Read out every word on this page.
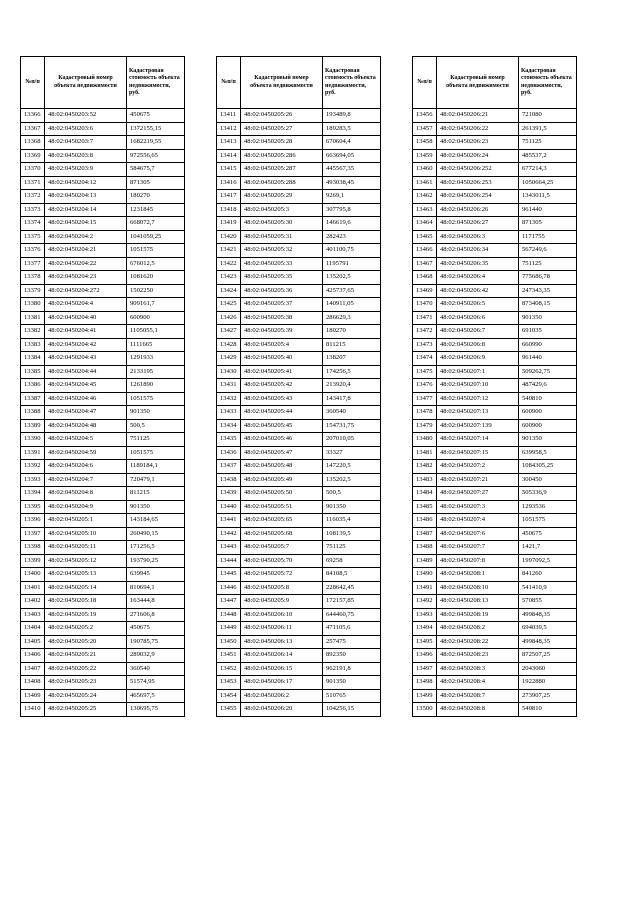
№п/п	Кадастровый номер объекта недвижимости	Кадастровая стоимость объекта недвижимости, руб.
13366	48:02:0450203:52	450675
13367	48:02:0450203:6	1372155,15
13368	48:02:0450203:7	1682219,55
13369	48:02:0450203:8	972556,65
13370	48:02:0450203:9	584675,7
13371	48:02:0450204:12	871305
13372	48:02:0450204:13	180270
13373	48:02:0450204:14	1231845
13374	48:02:0450204:15	668072,7
13375	48:02:0450204:2	1041059,25
13376	48:02:0450204:21	1051575
13377	48:02:0450204:22	676012,5
13378	48:02:0450204:23	1081620
13379	48:02:0450204:272	1502250
13380	48:02:0450204:4	909161,7
13381	48:02:0450204:40	600900
13382	48:02:0450204:41	1105055,1
13383	48:02:0450204:42	1111665
13384	48:02:0450204:43	1291933
13385	48:02:0450204:44	2133195
13386	48:02:0450204:45	1261890
13387	48:02:0450204:46	1051575
13388	48:02:0450204:47	901350
13389	48:02:0450204:48	500,5
13390	48:02:0450204:5	751125
13391	48:02:0450204:59	1051575
13392	48:02:0450204:6	1189184,1
13393	48:02:0450204:7	720479,1
13394	48:02:0450204:8	811215
13395	48:02:0450204:9	901350
13396	48:02:0450205:1	143184,65
13397	48:02:0450205:10	260490,15
13398	48:02:0450205:11	171256,5
13399	48:02:0450205:12	193790,25
13400	48:02:0450205:13	639945
13401	48:02:0450205:14	810694,1
13402	48:02:0450205:18	163444,8
13403	48:02:0450205:19	271606,8
13404	48:02:0450205:2	450675
13405	48:02:0450205:20	190785,75
13406	48:02:0450205:21	289032,9
13407	48:02:0450205:22	360540
13408	48:02:0450205:23	51574,95
13409	48:02:0450205:24	465697,5
13410	48:02:0450205:25	130695,75
№п/п	Кадастровый номер объекта недвижимости	Кадастровая стоимость объекта недвижимости, руб.
13411	48:02:0450205:26	193489,8
13412	48:02:0450205:27	189283,5
13413	48:02:0450205:28	670604,4
13414	48:02:0450205:286	663694,05
13415	48:02:0450205:287	445567,35
13416	48:02:0450205:288	493038,45
13417	48:02:0450205:29	9269,1
13418	48:02:0450205:3	307795,8
13419	48:02:0450205:30	146619,6
13420	48:02:0450205:31	282423
13421	48:02:0450205:32	401100,75
13422	48:02:0450205:33	1195791
13423	48:02:0450205:35	135202,5
13424	48:02:0450205:36	425737,65
13425	48:02:0450205:37	140911,05
13426	48:02:0450205:38	286629,3
13427	48:02:0450205:39	180270
13428	48:02:0450205:4	811215
13429	48:02:0450205:40	138207
13430	48:02:0450205:41	174256,5
13431	48:02:0450205:42	213920,4
13432	48:02:0450205:43	143417,8
13433	48:02:0450205:44	360540
13434	48:02:0450205:45	154731,75
13435	48:02:0450205:46	207010,05
13436	48:02:0450205:47	33327
13437	48:02:0450205:48	147220,5
13438	48:02:0450205:49	135202,5
13439	48:02:0450205:50	500,5
13440	48:02:0450205:51	901350
13441	48:02:0450205:65	116035,4
13442	48:02:0450205:68	108139,5
13443	48:02:0450205:7	751125
13444	48:02:0450205:70	69258
13445	48:02:0450205:72	84108,5
13446	48:02:0450205:8	228642,45
13447	48:02:0450205:9	172157,85
13448	48:02:0450206:10	644460,75
13449	48:02:0450206:11	471105,6
13450	48:02:0450206:13	257475
13451	48:02:0450206:14	892350
13452	48:02:0450206:15	962191,8
13453	48:02:0450206:17	901350
13454	48:02:0450206:2	510765
13455	48:02:0450206:20	104256,15
№п/п	Кадастровый номер объекта недвижимости	Кадастровая стоимость объекта недвижимости, руб.
13456	48:02:0450206:21	721080
13457	48:02:0450206:22	261391,5
13458	48:02:0450206:23	751125
13459	48:02:0450206:24	485537,2
13460	48:02:0450206:252	677214,3
13461	48:02:0450206:253	1050664,25
13462	48:02:0450206:254	1343011,5
13463	48:02:0450206:26	961440
13464	48:02:0450206:27	871305
13465	48:02:0450206:3	1171755
13466	48:02:0450206:34	567249,6
13467	48:02:0450206:35	751125
13468	48:02:0450206:4	775686,78
13469	48:02:0450206:42	247343,35
13470	48:02:0450206:5	873408,15
13471	48:02:0450206:6	901350
13472	48:02:0450206:7	691035
13473	48:02:0450206:8	660990
13474	48:02:0450206:9	961440
13475	48:02:0450207:1	509262,75
13476	48:02:0450207:10	487429,6
13477	48:02:0450207:12	540810
13478	48:02:0450207:13	600900
13479	48:02:0450207:139	600900
13480	48:02:0450207:14	901350
13481	48:02:0450207:15	639958,5
13482	48:02:0450207:2	1084305,25
13483	48:02:0450207:21	300450
13484	48:02:0450207:27	505336,9
13485	48:02:0450207:3	1293536
13486	48:02:0450207:4	1051575
13487	48:02:0450207:6	450675
13488	48:02:0450207:7	1421,7
13489	48:02:0450207:8	1997092,5
13490	48:02:0450208:1	841260
13491	48:02:0450208:10	541410,9
13492	48:02:0450208:13	570855
13493	48:02:0450208:19	499848,35
13494	48:02:0450208:2	694039,5
13495	48:02:0450208:22	499848,35
13496	48:02:0450208:23	872507,25
13497	48:02:0450208:3	2043060
13498	48:02:0450208:4	1922880
13499	48:02:0450208:7	273907,25
13500	48:02:0450208:8	540810
